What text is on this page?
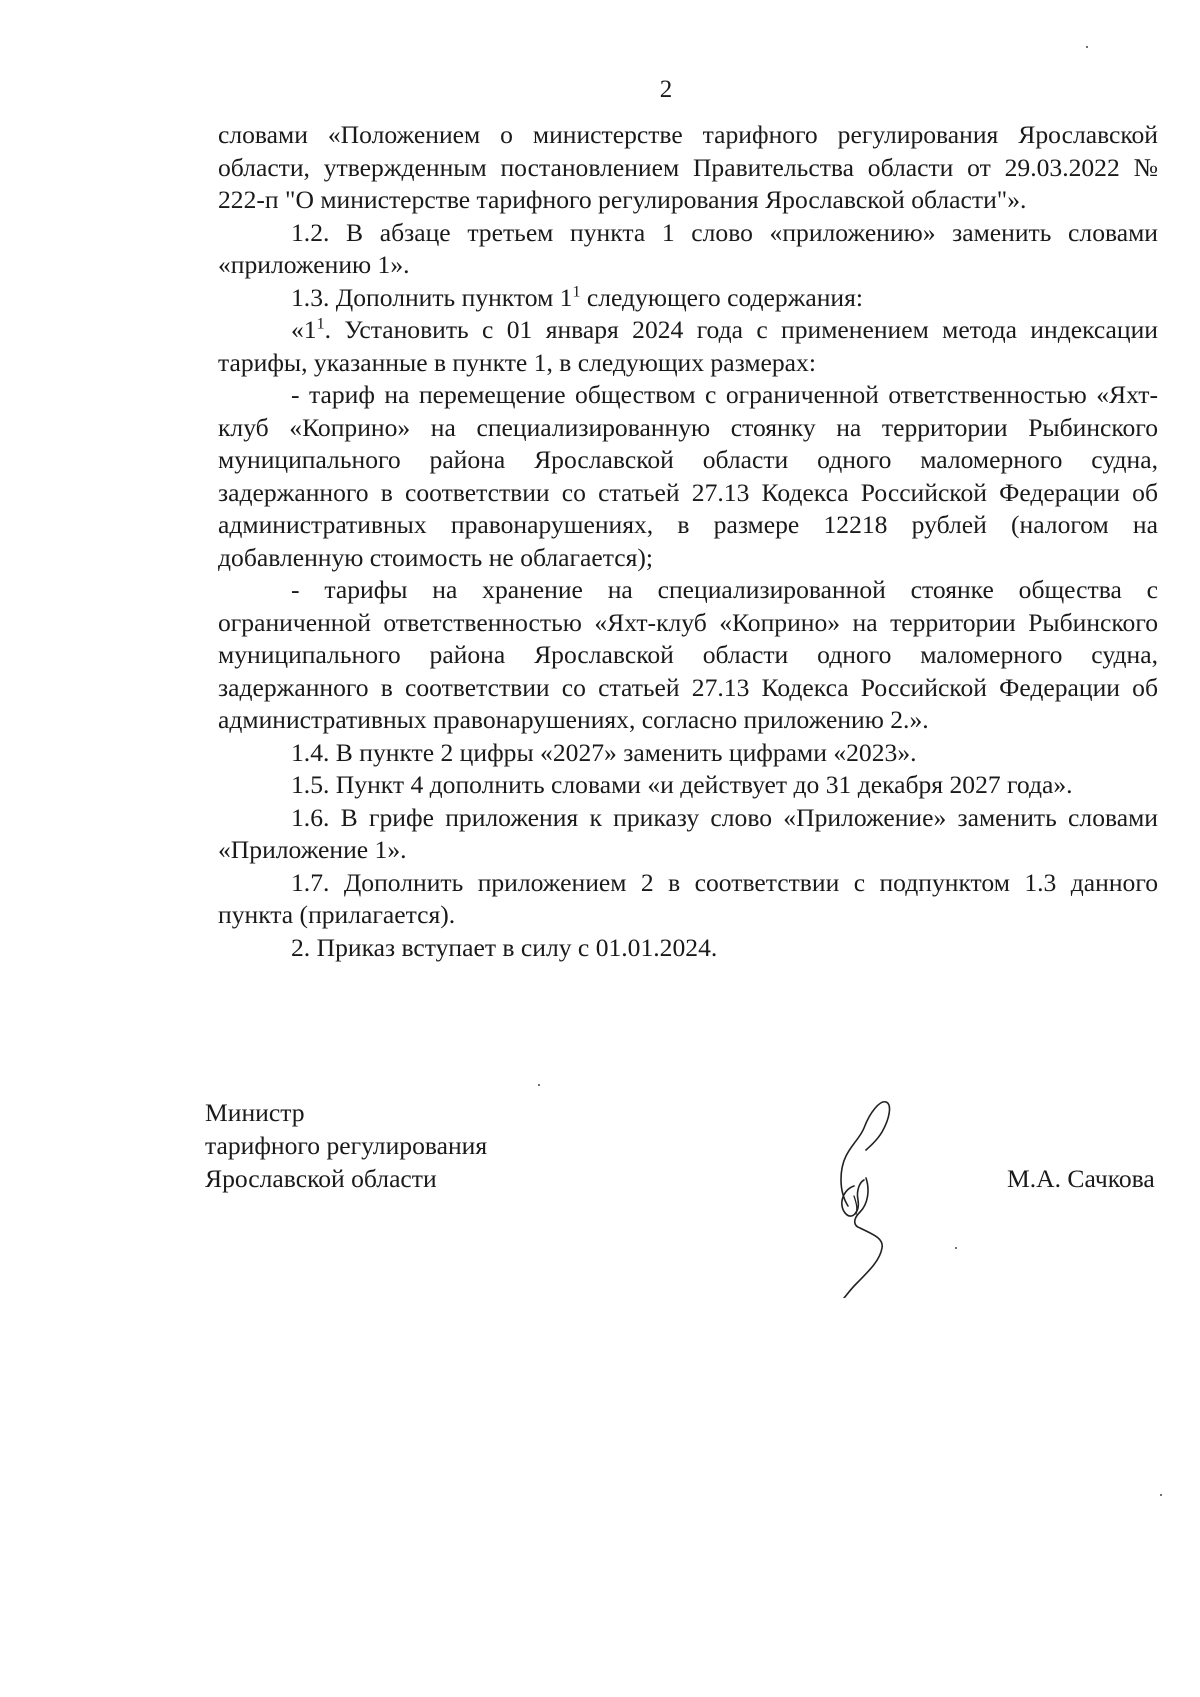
2

словами «Положением о министерстве тарифного регулирования Ярославской области, утвержденным постановлением Правительства области от 29.03.2022 № 222-п "О министерстве тарифного регулирования Ярославской области"».

1.2. В абзаце третьем пункта 1 слово «приложению» заменить словами «приложению 1».

1.3. Дополнить пунктом $1^1$ следующего содержания:

«$1^1$. Установить с 01 января 2024 года с применением метода индексации тарифы, указанные в пункте 1, в следующих размерах:

- тариф на перемещение обществом с ограниченной ответственностью «Яхт-клуб «Коприно» на специализированную стоянку на территории Рыбинского муниципального района Ярославской области одного маломерного судна, задержанного в соответствии со статьей 27.13 Кодекса Российской Федерации об административных правонарушениях, в размере 12218 рублей (налогом на добавленную стоимость не облагается);

- тарифы на хранение на специализированной стоянке общества с ограниченной ответственностью «Яхт-клуб «Коприно» на территории Рыбинского муниципального района Ярославской области одного маломерного судна, задержанного в соответствии со статьей 27.13 Кодекса Российской Федерации об административных правонарушениях, согласно приложению 2.».

1.4. В пункте 2 цифры «2027» заменить цифрами «2023».

1.5. Пункт 4 дополнить словами «и действует до 31 декабря 2027 года».

1.6. В грифе приложения к приказу слово «Приложение» заменить словами «Приложение 1».

1.7. Дополнить приложением 2 в соответствии с подпунктом 1.3 данного пункта (прилагается).

2. Приказ вступает в силу с 01.01.2024.

Министр
тарифного регулирования
Ярославской области	М.А. Сачкова
